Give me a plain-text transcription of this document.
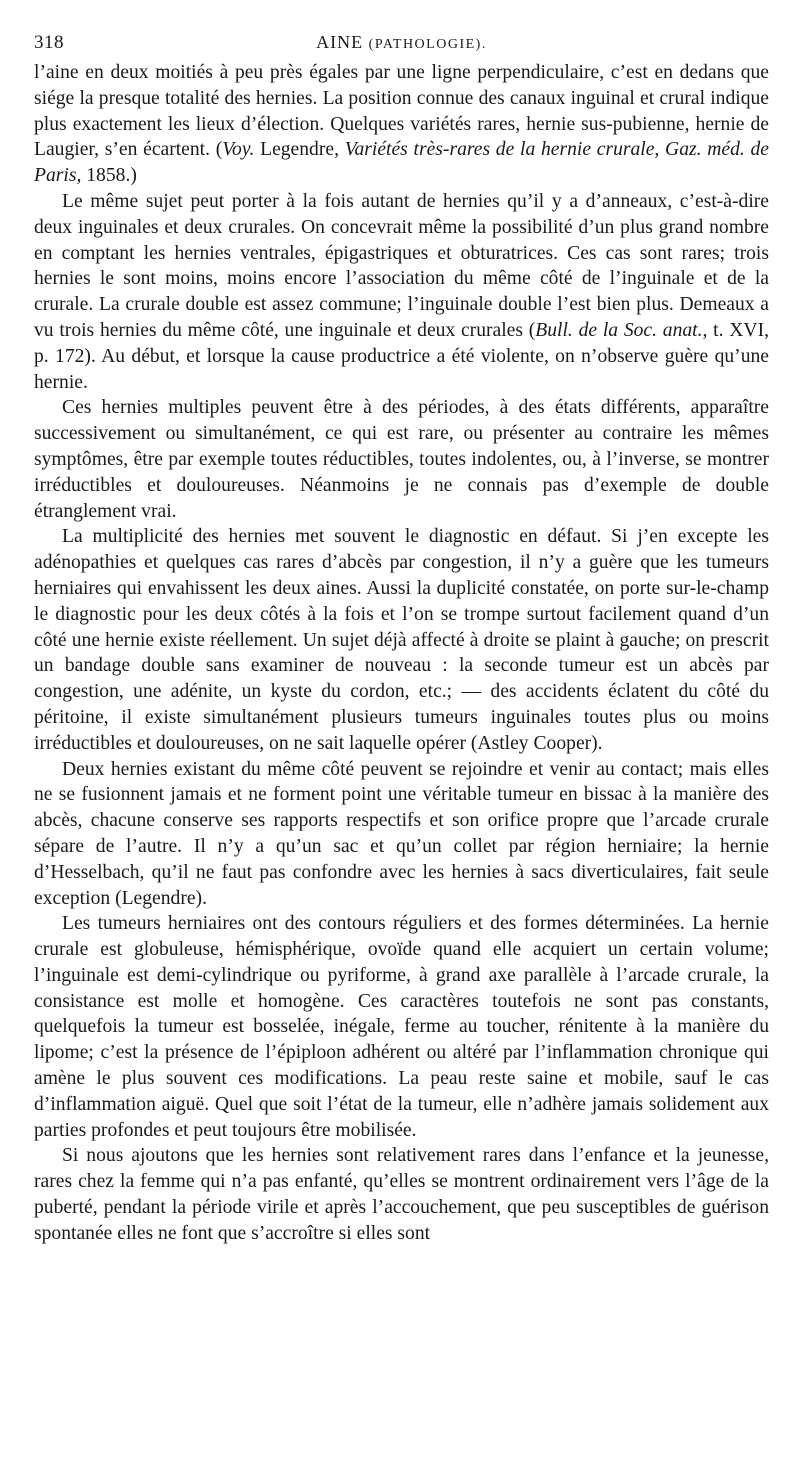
318	AINE (PATHOLOGIE).

l’aine en deux moitiés à peu près égales par une ligne perpendiculaire, c’est en dedans que siége la presque totalité des hernies. La position connue des canaux inguinal et crural indique plus exactement les lieux d’élection. Quelques variétés rares, hernie sus-pubienne, hernie de Laugier, s’en écartent. (Voy. Legendre, Variétés très-rares de la hernie crurale, Gaz. méd. de Paris, 1858.)

Le même sujet peut porter à la fois autant de hernies qu’il y a d’anneaux, c’est-à-dire deux inguinales et deux crurales. On concevrait même la possibilité d’un plus grand nombre en comptant les hernies ventrales, épigastriques et obturatrices. Ces cas sont rares; trois hernies le sont moins, moins encore l’association du même côté de l’inguinale et de la crurale. La crurale double est assez commune; l’inguinale double l’est bien plus. Demeaux a vu trois hernies du même côté, une inguinale et deux crurales (Bull. de la Soc. anat., t. XVI, p. 172). Au début, et lorsque la cause productrice a été violente, on n’observe guère qu’une hernie.

Ces hernies multiples peuvent être à des périodes, à des états différents, apparaître successivement ou simultanément, ce qui est rare, ou présenter au contraire les mêmes symptômes, être par exemple toutes réductibles, toutes indolentes, ou, à l’inverse, se montrer irréductibles et douloureuses. Néanmoins je ne connais pas d’exemple de double étranglement vrai.

La multiplicité des hernies met souvent le diagnostic en défaut. Si j’en excepte les adénopathies et quelques cas rares d’abcès par congestion, il n’y a guère que les tumeurs herniaires qui envahissent les deux aines. Aussi la duplicité constatée, on porte sur-le-champ le diagnostic pour les deux côtés à la fois et l’on se trompe surtout facilement quand d’un côté une hernie existe réellement. Un sujet déjà affecté à droite se plaint à gauche; on prescrit un bandage double sans examiner de nouveau : la seconde tumeur est un abcès par congestion, une adénite, un kyste du cordon, etc.; — des accidents éclatent du côté du péritoine, il existe simultanément plusieurs tumeurs inguinales toutes plus ou moins irréductibles et douloureuses, on ne sait laquelle opérer (Astley Cooper).

Deux hernies existant du même côté peuvent se rejoindre et venir au contact; mais elles ne se fusionnent jamais et ne forment point une véritable tumeur en bissac à la manière des abcès, chacune conserve ses rapports respectifs et son orifice propre que l’arcade crurale sépare de l’autre. Il n’y a qu’un sac et qu’un collet par région herniaire; la hernie d’Hesselbach, qu’il ne faut pas confondre avec les hernies à sacs diverticulaires, fait seule exception (Legendre).

Les tumeurs herniaires ont des contours réguliers et des formes déterminées. La hernie crurale est globuleuse, hémisphérique, ovoïde quand elle acquiert un certain volume; l’inguinale est demi-cylindrique ou pyriforme, à grand axe parallèle à l’arcade crurale, la consistance est molle et homogène. Ces caractères toutefois ne sont pas constants, quelquefois la tumeur est bosselée, inégale, ferme au toucher, rénitente à la manière du lipome; c’est la présence de l’épiploon adhérent ou altéré par l’inflammation chronique qui amène le plus souvent ces modifications. La peau reste saine et mobile, sauf le cas d’inflammation aiguë. Quel que soit l’état de la tumeur, elle n’adhère jamais solidement aux parties profondes et peut toujours être mobilisée.

Si nous ajoutons que les hernies sont relativement rares dans l’enfance et la jeunesse, rares chez la femme qui n’a pas enfanté, qu’elles se montrent ordinairement vers l’âge de la puberté, pendant la période virile et après l’accouchement, que peu susceptibles de guérison spontanée elles ne font que s’accroître si elles sont
